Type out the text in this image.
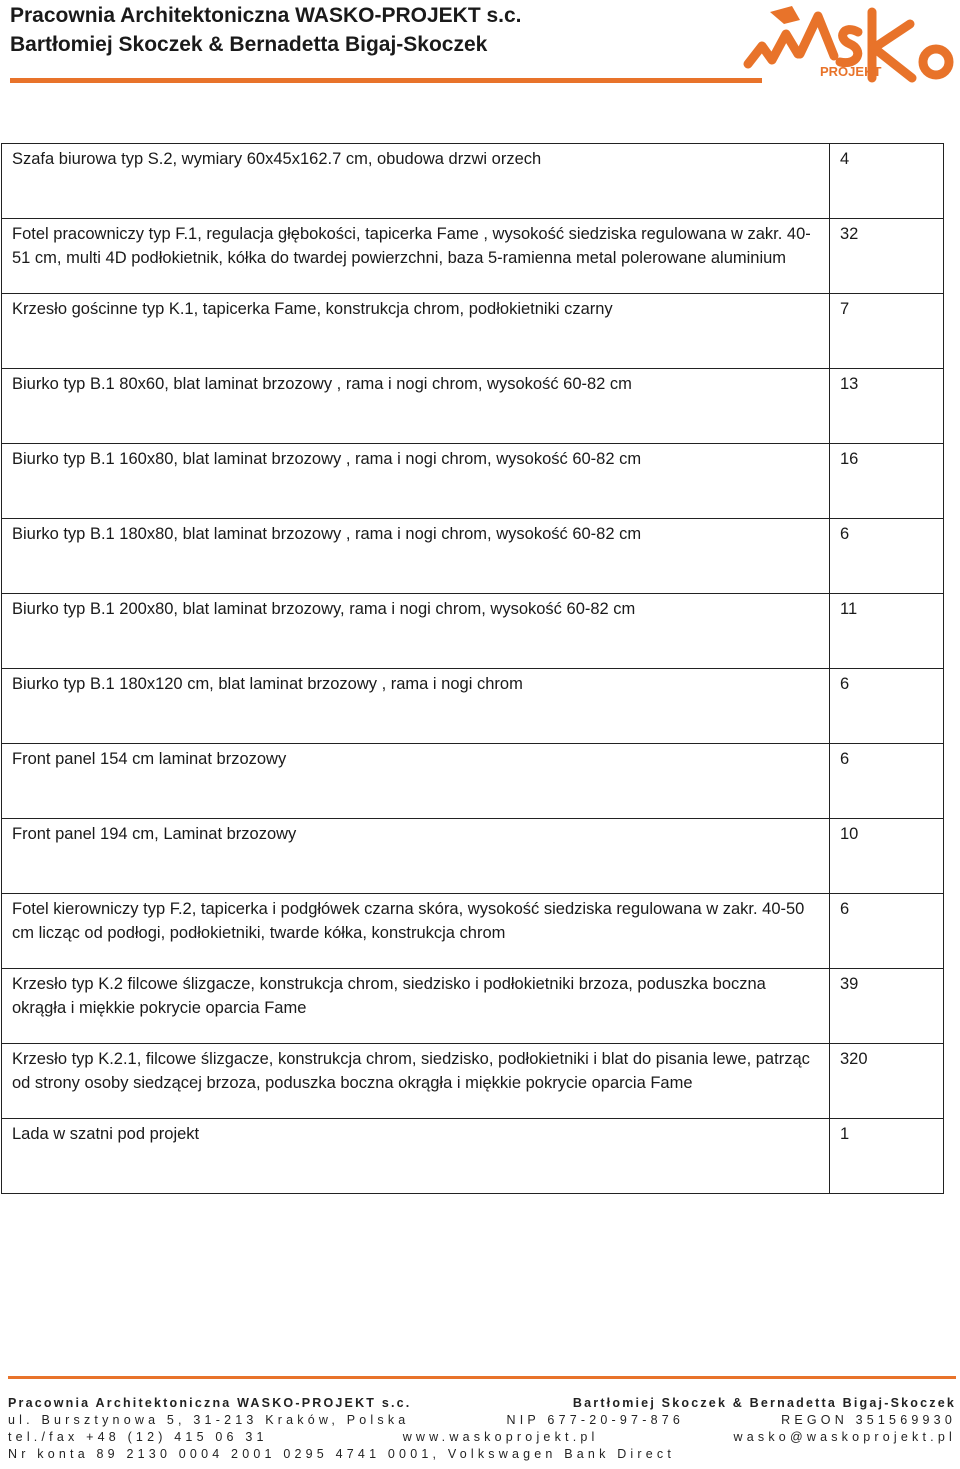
Pracownia Architektoniczna WASKO-PROJEKT s.c.
Bartłomiej Skoczek & Bernadetta Bigaj-Skoczek
PROJEKT
Szafa biurowa typ S.2, wymiary 60x45x162.7 cm, obudowa drzwi orzech	4
Fotel pracowniczy typ F.1, regulacja głębokości, tapicerka Fame , wysokość siedziska regulowana w zakr. 40-51 cm, multi 4D podłokietnik, kółka do twardej powierzchni, baza 5-ramienna metal polerowane aluminium	32
Krzesło gościnne typ K.1, tapicerka Fame, konstrukcja chrom, podłokietniki czarny	7
Biurko typ B.1 80x60, blat laminat brzozowy , rama i nogi chrom, wysokość 60-82 cm	13
Biurko typ B.1 160x80, blat laminat brzozowy , rama i nogi chrom, wysokość 60-82 cm	16
Biurko typ B.1 180x80, blat laminat brzozowy , rama i nogi chrom, wysokość 60-82 cm	6
Biurko typ B.1 200x80, blat laminat brzozowy, rama i nogi chrom, wysokość 60-82 cm	11
Biurko typ B.1 180x120 cm, blat laminat brzozowy , rama i nogi chrom	6
Front panel 154 cm laminat brzozowy	6
Front panel 194 cm, Laminat brzozowy	10
Fotel kierowniczy typ F.2, tapicerka i podgłówek czarna skóra, wysokość siedziska regulowana w zakr. 40-50 cm licząc od podłogi, podłokietniki, twarde kółka, konstrukcja chrom	6
Krzesło typ K.2 filcowe ślizgacze, konstrukcja chrom, siedzisko i podłokietniki brzoza, poduszka boczna okrągła i miękkie pokrycie oparcia Fame	39
Krzesło typ K.2.1, filcowe ślizgacze, konstrukcja chrom, siedzisko, podłokietniki i blat do pisania lewe, patrząc od strony osoby siedzącej brzoza, poduszka boczna okrągła i miękkie pokrycie oparcia Fame	320
Lada w szatni pod projekt	1
Pracownia Architektoniczna WASKO-PROJEKT s.c.	Bartłomiej Skoczek & Bernadetta Bigaj-Skoczek
ul. Bursztynowa 5, 31-213 Kraków, Polska	NIP 677-20-97-876	REGON 351569930
tel./fax +48 (12) 415 06 31	www.waskoprojekt.pl	wasko@waskoprojekt.pl
Nr konta 89 2130 0004 2001 0295 4741 0001, Volkswagen Bank Direct
